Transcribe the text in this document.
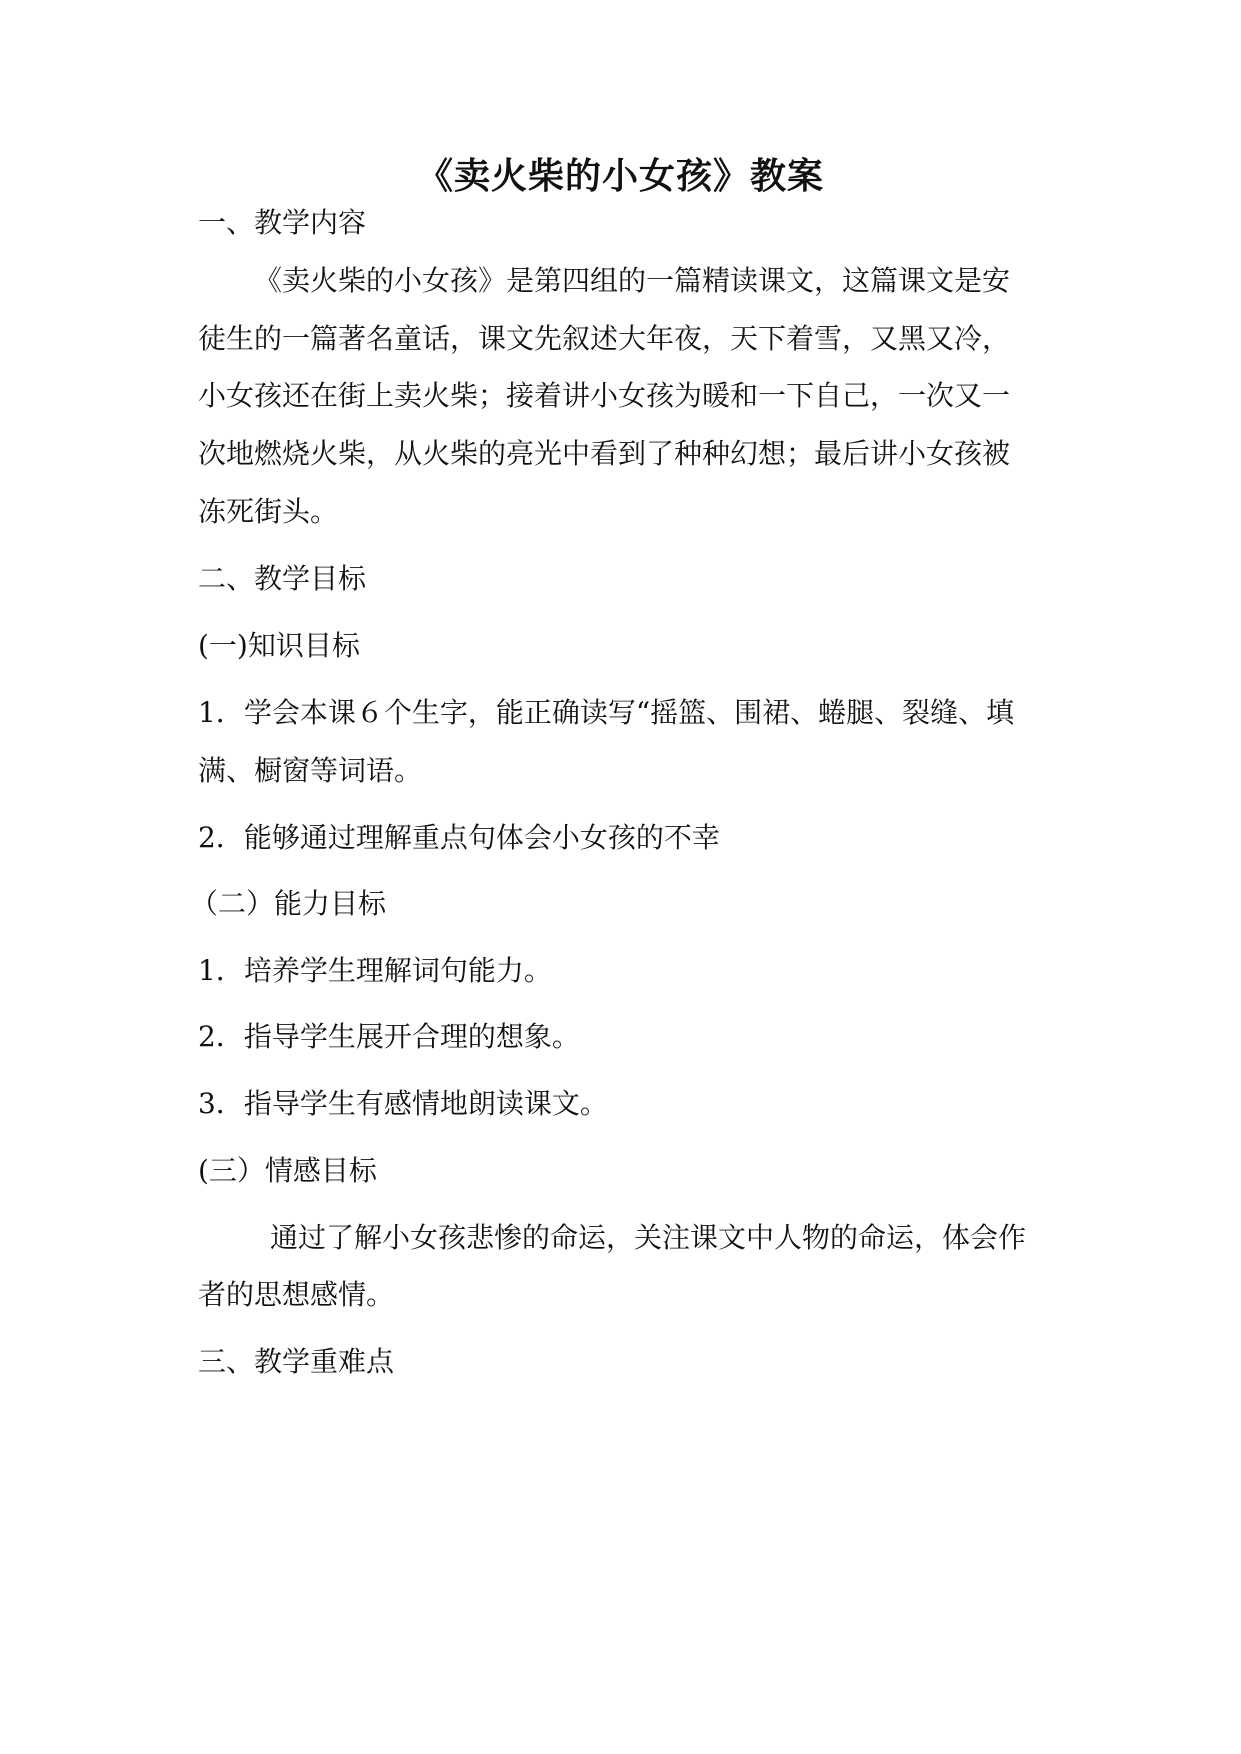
《卖火柴的小女孩》教案
一、教学内容
《卖火柴的小女孩》是第四组的一篇精读课文，这篇课文是安
徒生的一篇著名童话，课文先叙述大年夜，天下着雪，又黑又冷，
小女孩还在街上卖火柴；接着讲小女孩为暖和一下自己，一次又一
次地燃烧火柴，从火柴的亮光中看到了种种幻想；最后讲小女孩被
冻死街头。
二、教学目标
(一)知识目标
1．学会本课６个生字，能正确读写“摇篮、围裙、蜷腿、裂缝、填
满、橱窗等词语。
2．能够通过理解重点句体会小女孩的不幸
（二）能力目标
1．培养学生理解词句能力。
2．指导学生展开合理的想象。
3．指导学生有感情地朗读课文。
(三）情感目标
通过了解小女孩悲惨的命运，关注课文中人物的命运，体会作
者的思想感情。
三、教学重难点
